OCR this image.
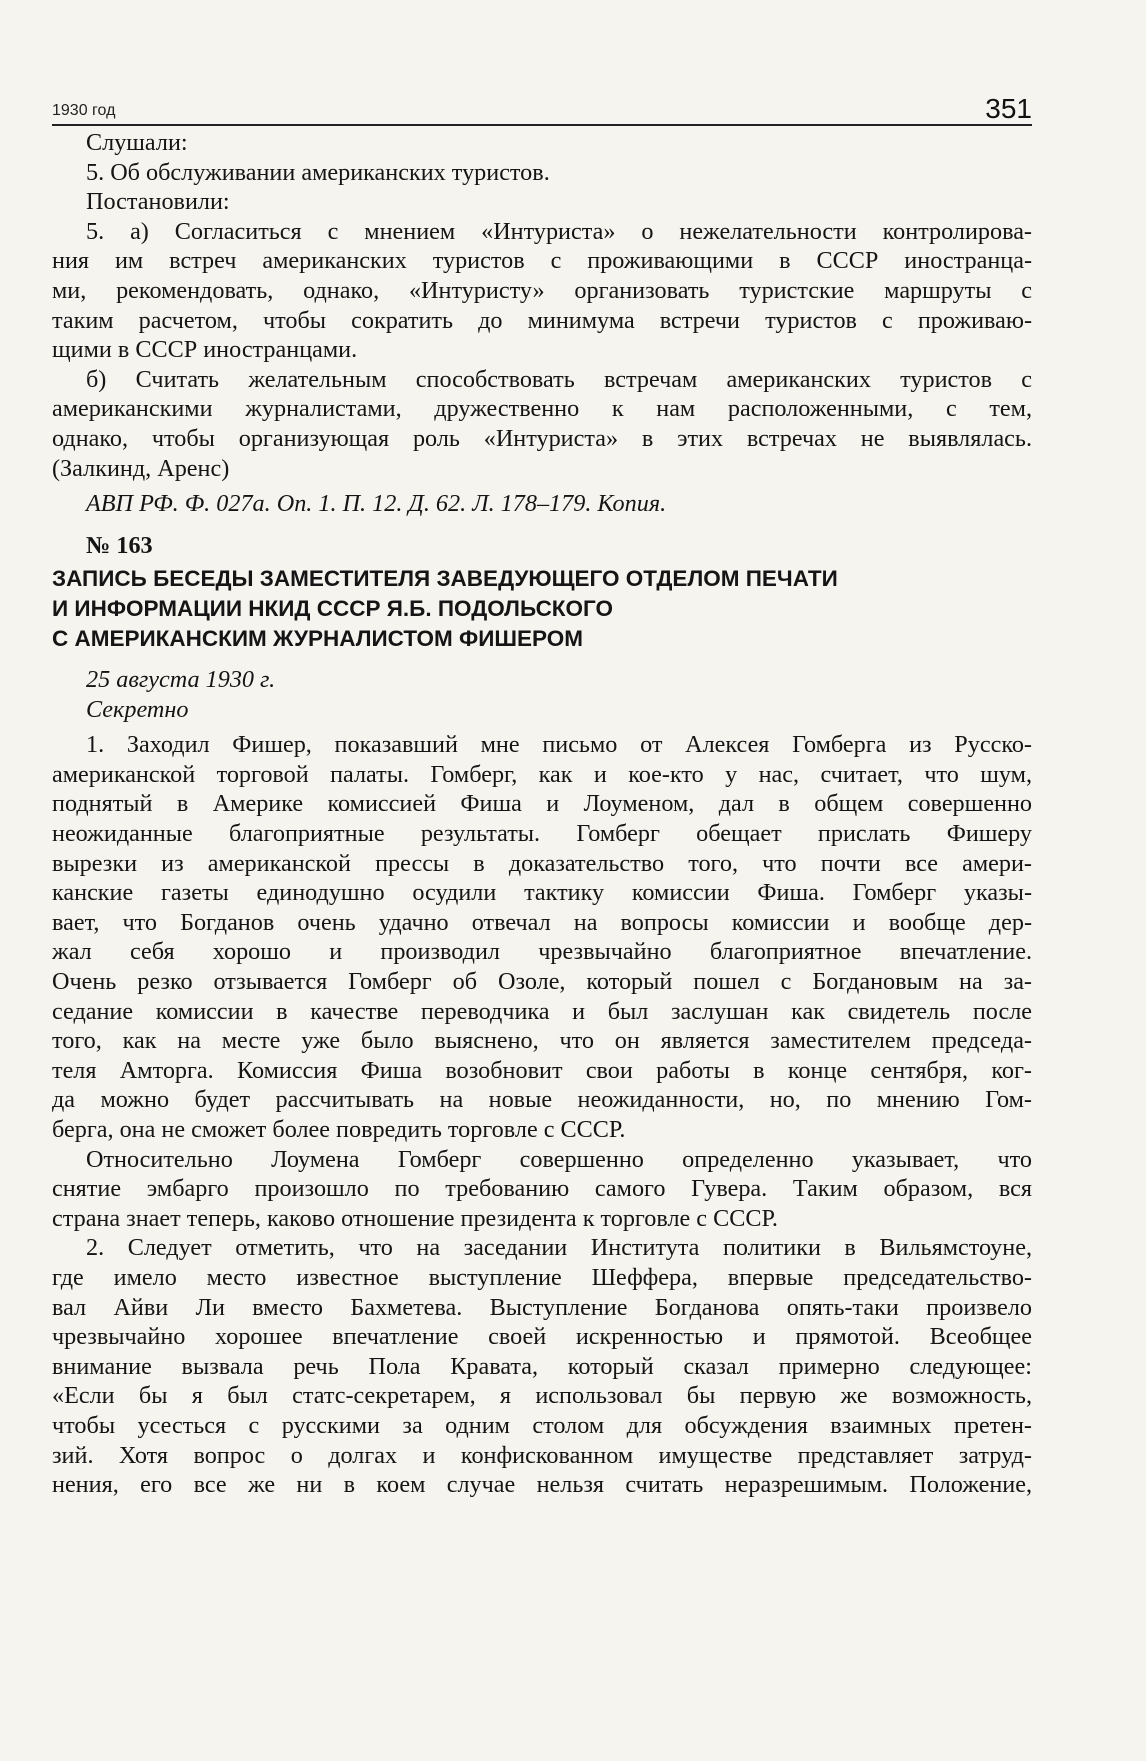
1930 год	351
Слушали:
5. Об обслуживании американских туристов.
Постановили:
5. а) Согласиться с мнением «Интуриста» о нежелательности контролирова-
ния им встреч американских туристов с проживающими в СССР иностранца-
ми, рекомендовать, однако, «Интуристу» организовать туристские маршруты с
таким расчетом, чтобы сократить до минимума встречи туристов с проживаю-
щими в СССР иностранцами.
б) Считать желательным способствовать встречам американских туристов с
американскими журналистами, дружественно к нам расположенными, с тем,
однако, чтобы организующая роль «Интуриста» в этих встречах не выявлялась.
(Залкинд, Аренс)
АВП РФ. Ф. 027а. Оп. 1. П. 12. Д. 62. Л. 178–179. Копия.
№ 163
ЗАПИСЬ БЕСЕДЫ ЗАМЕСТИТЕЛЯ ЗАВЕДУЮЩЕГО ОТДЕЛОМ ПЕЧАТИ
И ИНФОРМАЦИИ НКИД СССР Я.Б. ПОДОЛЬСКОГО
С АМЕРИКАНСКИМ ЖУРНАЛИСТОМ ФИШЕРОМ
25 августа 1930 г.
Секретно
1. Заходил Фишер, показавший мне письмо от Алексея Гомберга из Русско-
американской торговой палаты. Гомберг, как и кое-кто у нас, считает, что шум,
поднятый в Америке комиссией Фиша и Лоуменом, дал в общем совершенно
неожиданные благоприятные результаты. Гомберг обещает прислать Фишеру
вырезки из американской прессы в доказательство того, что почти все амери-
канские газеты единодушно осудили тактику комиссии Фиша. Гомберг указы-
вает, что Богданов очень удачно отвечал на вопросы комиссии и вообще дер-
жал себя хорошо и производил чрезвычайно благоприятное впечатление.
Очень резко отзывается Гомберг об Озоле, который пошел с Богдановым на за-
седание комиссии в качестве переводчика и был заслушан как свидетель после
того, как на месте уже было выяснено, что он является заместителем председа-
теля Амторга. Комиссия Фиша возобновит свои работы в конце сентября, ког-
да можно будет рассчитывать на новые неожиданности, но, по мнению Гом-
берга, она не сможет более повредить торговле с СССР.
Относительно Лоумена Гомберг совершенно определенно указывает, что
снятие эмбарго произошло по требованию самого Гувера. Таким образом, вся
страна знает теперь, каково отношение президента к торговле с СССР.
2. Следует отметить, что на заседании Института политики в Вильямстоуне,
где имело место известное выступление Шеффера, впервые председательство-
вал Айви Ли вместо Бахметева. Выступление Богданова опять-таки произвело
чрезвычайно хорошее впечатление своей искренностью и прямотой. Всеобщее
внимание вызвала речь Пола Кравата, который сказал примерно следующее:
«Если бы я был статс-секретарем, я использовал бы первую же возможность,
чтобы усесться с русскими за одним столом для обсуждения взаимных претен-
зий. Хотя вопрос о долгах и конфискованном имуществе представляет затруд-
нения, его все же ни в коем случае нельзя считать неразрешимым. Положение,
